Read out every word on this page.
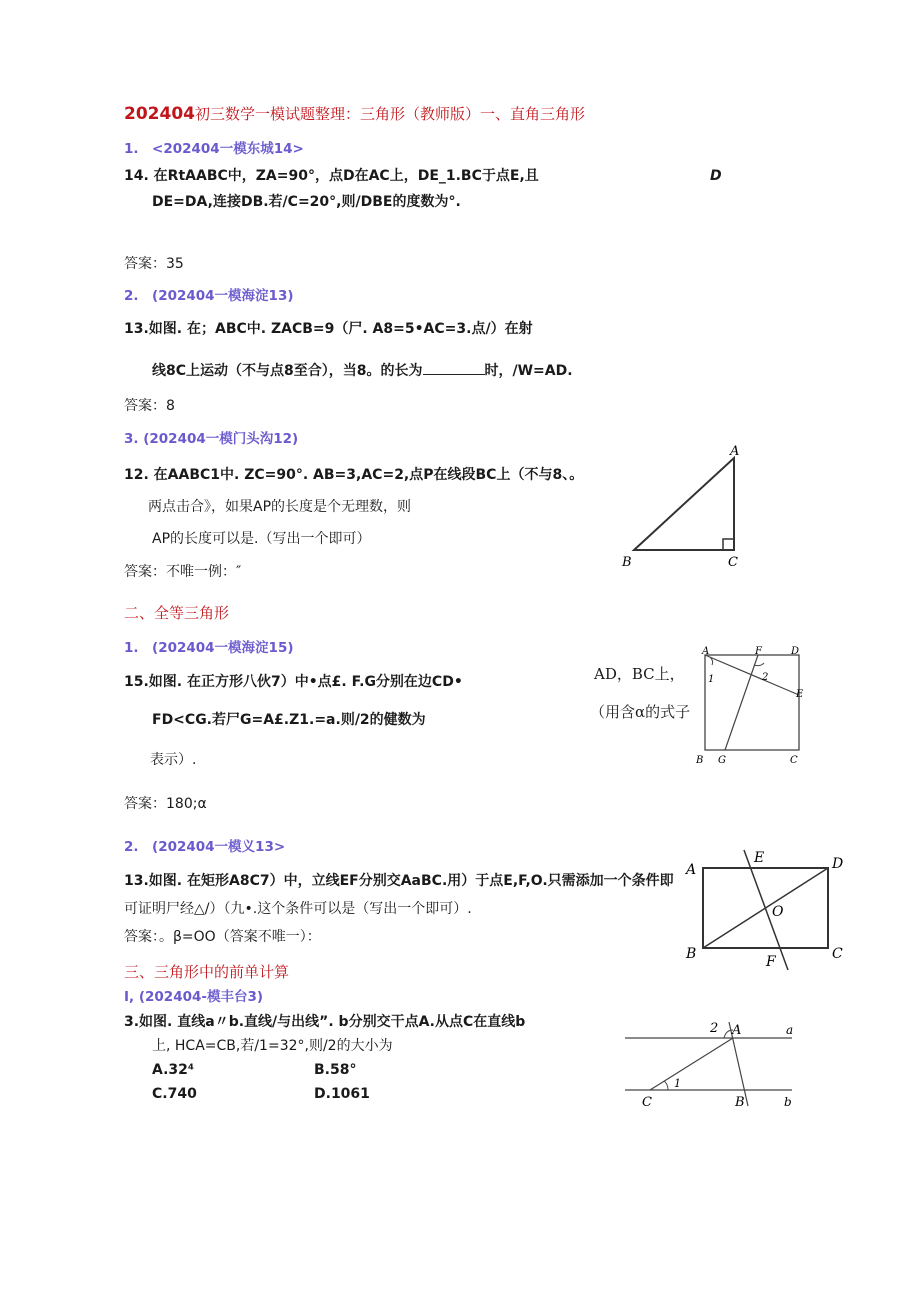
202404初三数学一模试题整理：三角形（教师版）一、直角三角形
1.　<202404一模东城14>
14. 在RtAABC中，ZA=90°，点D在AC上，DE_1.BC于点E,且	D
DE=DA,连接DB.若/C=20°,则/DBE的度数为°.
答案：35
2.　(202404一模海淀13)
13.如图. 在；ABC中. ZACB=9（尸. A8=5•AC=3.点/）在射
线8C上运动（不与点8至合），当8。的长为	时，/W=AD.
答案：8
3. (202404一模门头沟12)
12. 在AABC1中. ZC=90°. AB=3,AC=2,点P在线段BC上（不与8、。
两点击合》，如果AP的长度是个无理数，则
AP的长度可以是.（写出一个即可）
答案：不唯一例：″
A
B	C
二、全等三角形
1.　(202404一模海淀15)
15.如图. 在正方形八伙7）中•点£. F.G分别在边CD•
FD<CG.若尸G=A£.Z1.=a.则/2的健数为
表示）.
答案：180;α
AD，BC上，
（用含α的式子
A	F	D
E
1	2
B G	C
2.　(202404一模义13>
13.如图. 在矩形A8C7）中，立线EF分别交AaBC.用）于点E,F,O.只需添加一个条件即
可证明尸经△/）（九•.这个条件可以是（写出一个即可）.
答案：。β=OO（答案不唯一）：
A
E	D
O
B	F	C
三、三角形中的前单计算
I, (202404-模丰台3)
3.如图. 直线a〃b.直线/与出线”. b分别交干点A.从点C在直线b
上, HCA=CB,若/1=32°,则/2的大小为
A.32⁴	B.58°
C.740	D.1061
2 A	a
1
C	B	b
